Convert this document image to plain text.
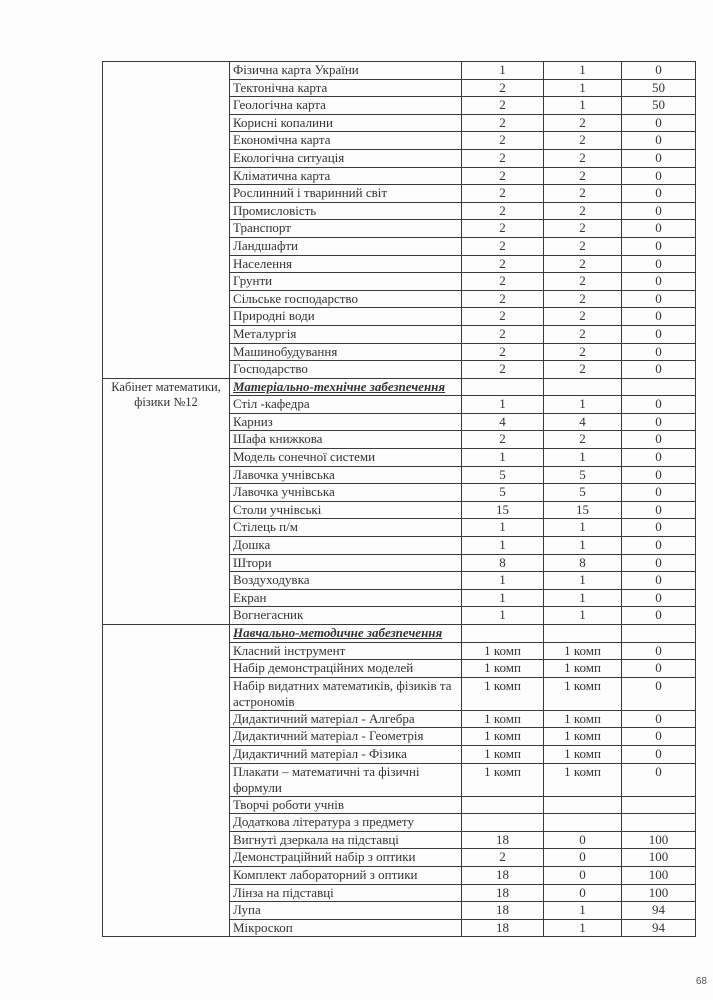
	Фізична карта України	1	1	0
	Тектонічна карта	2	1	50
	Геологічна карта	2	1	50
	Корисні копалини	2	2	0
	Економічна карта	2	2	0
	Екологічна ситуація	2	2	0
	Кліматична карта	2	2	0
	Рослинний і тваринний світ	2	2	0
	Промисловість	2	2	0
	Транспорт	2	2	0
	Ландшафти	2	2	0
	Населення	2	2	0
	Грунти	2	2	0
	Сільське господарство	2	2	0
	Природні води	2	2	0
	Металургія	2	2	0
	Машинобудування	2	2	0
	Господарство	2	2	0
Кабінет математики, фізики №12	Матеріально-технічне забезпечення			
	Стіл -кафедра	1	1	0
	Карниз	4	4	0
	Шафа книжкова	2	2	0
	Модель сонечної системи	1	1	0
	Лавочка учнівська	5	5	0
	Лавочка учнівська	5	5	0
	Столи учнівські	15	15	0
	Стілець п/м	1	1	0
	Дошка	1	1	0
	Штори	8	8	0
	Воздуходувка	1	1	0
	Екран	1	1	0
	Вогнегасник	1	1	0
	Навчально-методичне забезпечення			
	Класний інструмент	1 комп	1 комп	0
	Набір демонстраційних моделей	1 комп	1 комп	0
	Набір видатних математиків, фізиків та астрономів	1 комп	1 комп	0
	Дидактичний матеріал - Алгебра	1 комп	1 комп	0
	Дидактичний матеріал - Геометрія	1 комп	1 комп	0
	Дидактичний матеріал - Фізика	1 комп	1 комп	0
	Плакати – математичні та фізичні формули	1 комп	1 комп	0
	Творчі роботи учнів			
	Додаткова література з предмету			
	Вигнуті дзеркала на підставці	18	0	100
	Демонстраційний набір з оптики	2	0	100
	Комплект лабораторний з оптики	18	0	100
	Лінза на підставці	18	0	100
	Лупа	18	1	94
	Мікроскоп	18	1	94
68
